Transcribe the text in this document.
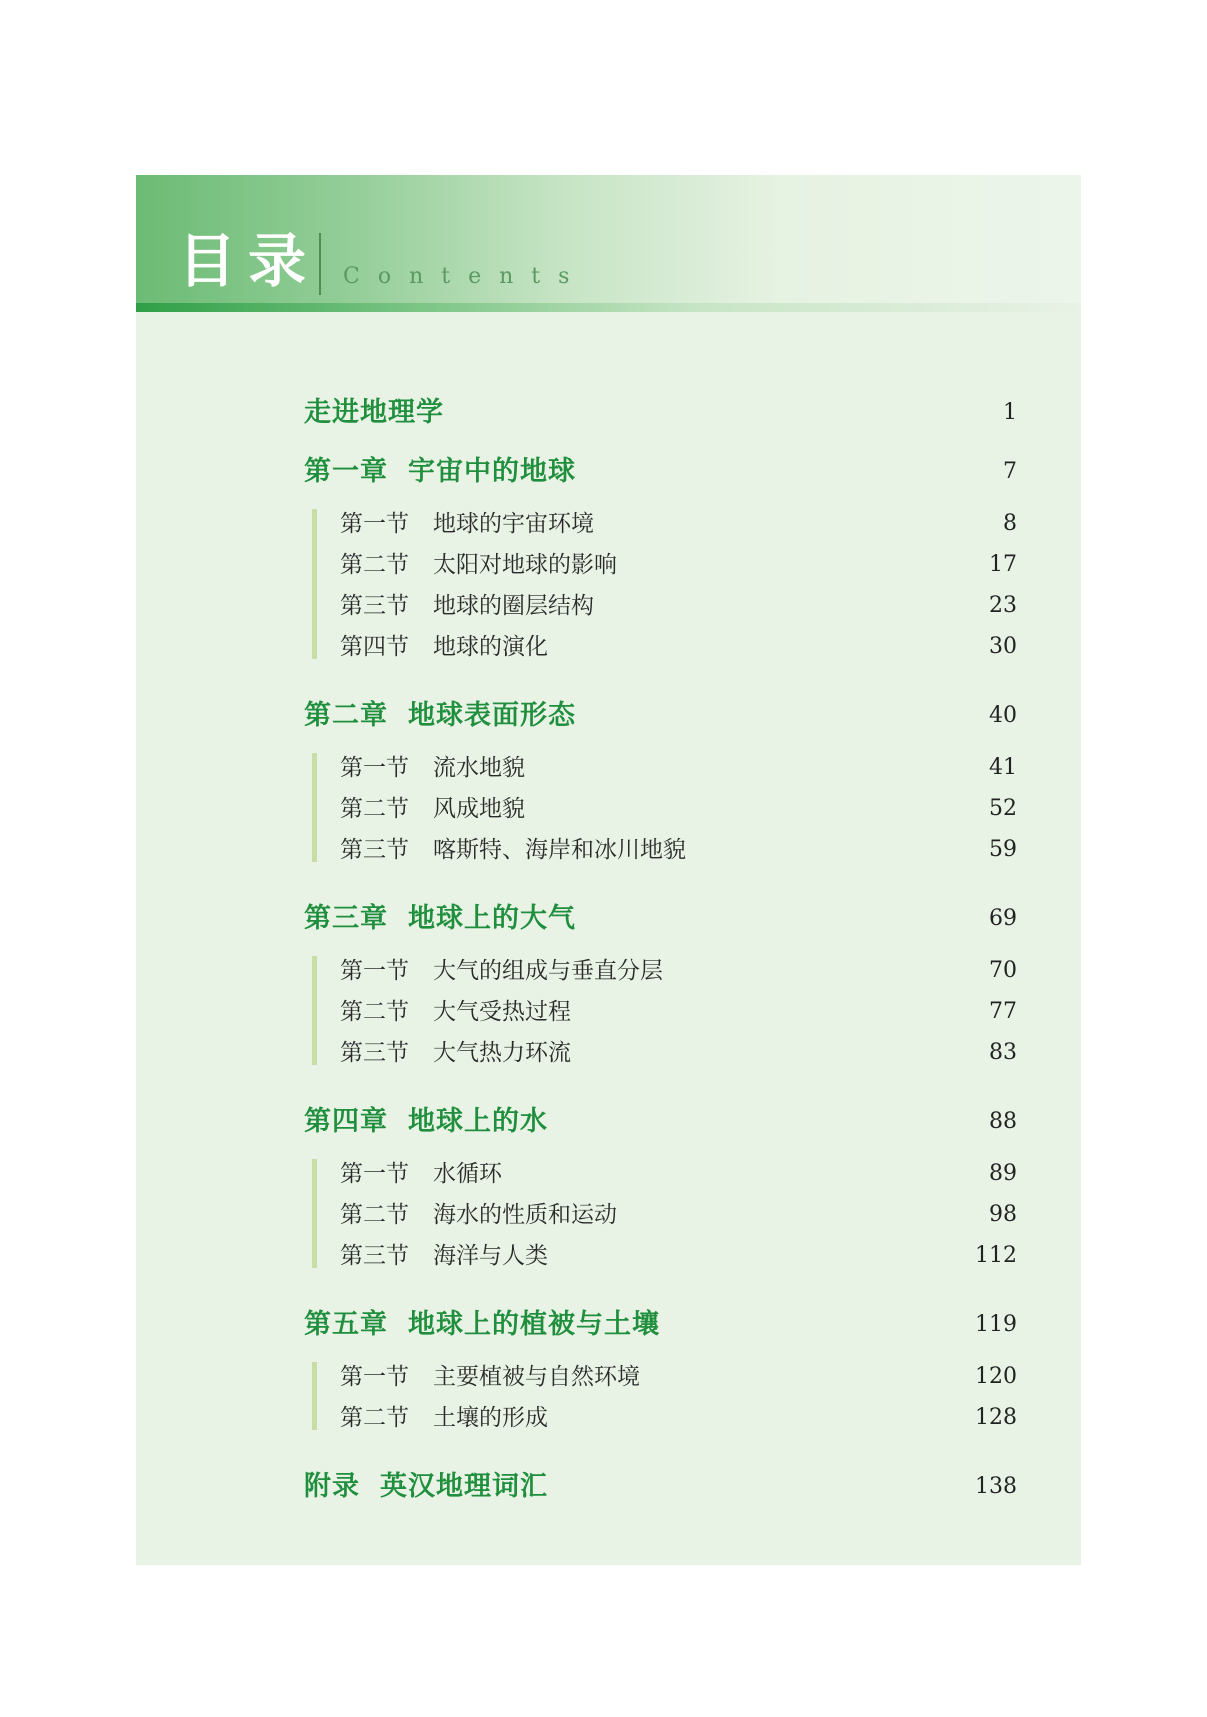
目录 Contents
走进地理学	1
第一章 宇宙中的地球	7
第一节 地球的宇宙环境	8
第二节 太阳对地球的影响	17
第三节 地球的圈层结构	23
第四节 地球的演化	30
第二章 地球表面形态	40
第一节 流水地貌	41
第二节 风成地貌	52
第三节 喀斯特、海岸和冰川地貌	59
第三章 地球上的大气	69
第一节 大气的组成与垂直分层	70
第二节 大气受热过程	77
第三节 大气热力环流	83
第四章 地球上的水	88
第一节 水循环	89
第二节 海水的性质和运动	98
第三节 海洋与人类	112
第五章 地球上的植被与土壤	119
第一节 主要植被与自然环境	120
第二节 土壤的形成	128
附录 英汉地理词汇	138
